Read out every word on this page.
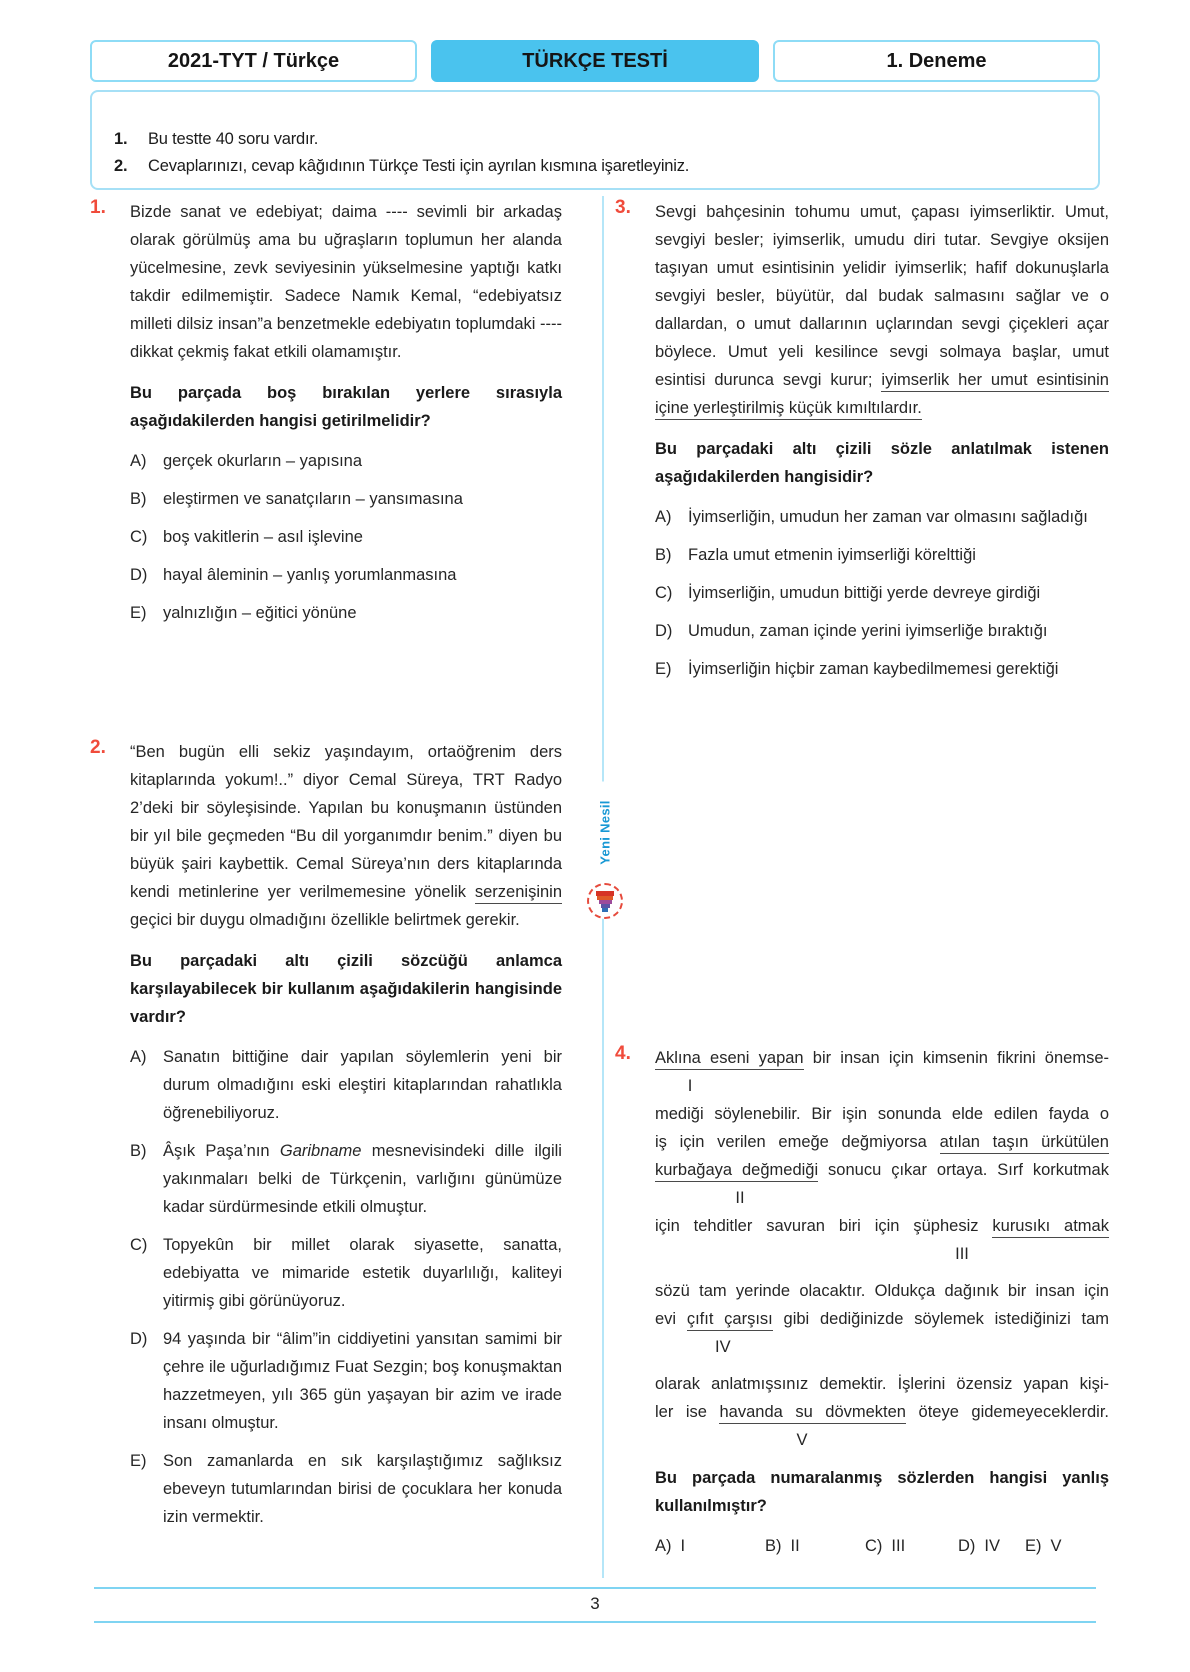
2021-TYT / Türkçe	TÜRKÇE TESTİ	1. Deneme
1.	Bu testte 40 soru vardır.
2.	Cevaplarınızı, cevap kâğıdının Türkçe Testi için ayrılan kısmına işaretleyiniz.
Yeni Nesil
1. Bizde sanat ve edebiyat; daima ---- sevimli bir arkadaş olarak görülmüş ama bu uğraşların toplumun her alanda yücelmesine, zevk seviyesinin yükselmesine yaptığı katkı takdir edilmemiştir. Sadece Namık Kemal, “edebiyatsız milleti dilsiz insan”a benzetmekle edebiyatın toplumdaki ---- dikkat çekmiş fakat etkili olamamıştır.

Bu parçada boş bırakılan yerlere sırasıyla aşağıdakilerden hangisi getirilmelidir?

A) gerçek okurların – yapısına
B) eleştirmen ve sanatçıların – yansımasına
C) boş vakitlerin – asıl işlevine
D) hayal âleminin – yanlış yorumlanmasına
E) yalnızlığın – eğitici yönüne
2. “Ben bugün elli sekiz yaşındayım, ortaöğrenim ders kitaplarında yokum!..” diyor Cemal Süreya, TRT Radyo 2’deki bir söyleşisinde. Yapılan bu konuşmanın üstünden bir yıl bile geçmeden “Bu dil yorganımdır benim.” diyen bu büyük şairi kaybettik. Cemal Süreya’nın ders kitaplarında kendi metinlerine yer verilmemesine yönelik serzenişinin geçici bir duygu olmadığını özellikle belirtmek gerekir.

Bu parçadaki altı çizili sözcüğü anlamca karşılayabilecek bir kullanım aşağıdakilerin hangisinde vardır?

A) Sanatın bittiğine dair yapılan söylemlerin yeni bir durum olmadığını eski eleştiri kitaplarından rahatlıkla öğrenebiliyoruz.
B) Âşık Paşa’nın Garibname mesnevisindeki dille ilgili yakınmaları belki de Türkçenin, varlığını günümüze kadar sürdürmesinde etkili olmuştur.
C) Topyekûn bir millet olarak siyasette, sanatta, edebiyatta ve mimaride estetik duyarlılığı, kaliteyi yitirmiş gibi görünüyoruz.
D) 94 yaşında bir “âlim”in ciddiyetini yansıtan samimi bir çehre ile uğurladığımız Fuat Sezgin; boş konuşmaktan hazzetmeyen, yılı 365 gün yaşayan bir azim ve irade insanı olmuştur.
E) Son zamanlarda en sık karşılaştığımız sağlıksız ebeveyn tutumlarından birisi de çocuklara her konuda izin vermektir.
3. Sevgi bahçesinin tohumu umut, çapası iyimserliktir. Umut, sevgiyi besler; iyimserlik, umudu diri tutar. Sevgiye oksijen taşıyan umut esintisinin yelidir iyimserlik; hafif dokunuşlarla sevgiyi besler, büyütür, dal budak salmasını sağlar ve o dallardan, o umut dallarının uçlarından sevgi çiçekleri açar böylece. Umut yeli kesilince sevgi solmaya başlar, umut esintisi durunca sevgi kurur; iyimserlik her umut esintisinin içine yerleştirilmiş küçük kımıltılardır.

Bu parçadaki altı çizili sözle anlatılmak istenen aşağıdakilerden hangisidir?

A) İyimserliğin, umudun her zaman var olmasını sağladığı
B) Fazla umut etmenin iyimserliği körelttiği
C) İyimserliğin, umudun bittiği yerde devreye girdiği
D) Umudun, zaman içinde yerini iyimserliğe bıraktığı
E) İyimserliğin hiçbir zaman kaybedilmemesi gerektiği
4. Aklına eseni yapan bir insan için kimsenin fikrini önemse-
I
mediği söylenebilir. Bir işin sonunda elde edilen fayda o
iş için verilen emeğe değmiyorsa atılan taşın ürkütülen
kurbağaya değmediği sonucu çıkar ortaya. Sırf korkutmak
II
için tehditler savuran biri için şüphesiz kurusıkı atmak
III
sözü tam yerinde olacaktır. Oldukça dağınık bir insan için
evi çıfıt çarşısı gibi dediğinizde söylemek istediğinizi tam
IV
olarak anlatmışsınız demektir. İşlerini özensiz yapan kişi-
ler ise havanda su dövmekten öteye gidemeyeceklerdir.
V

Bu parçada numaralanmış sözlerden hangisi yanlış kullanılmıştır?

A) I	B) II	C) III	D) IV E) V
3
